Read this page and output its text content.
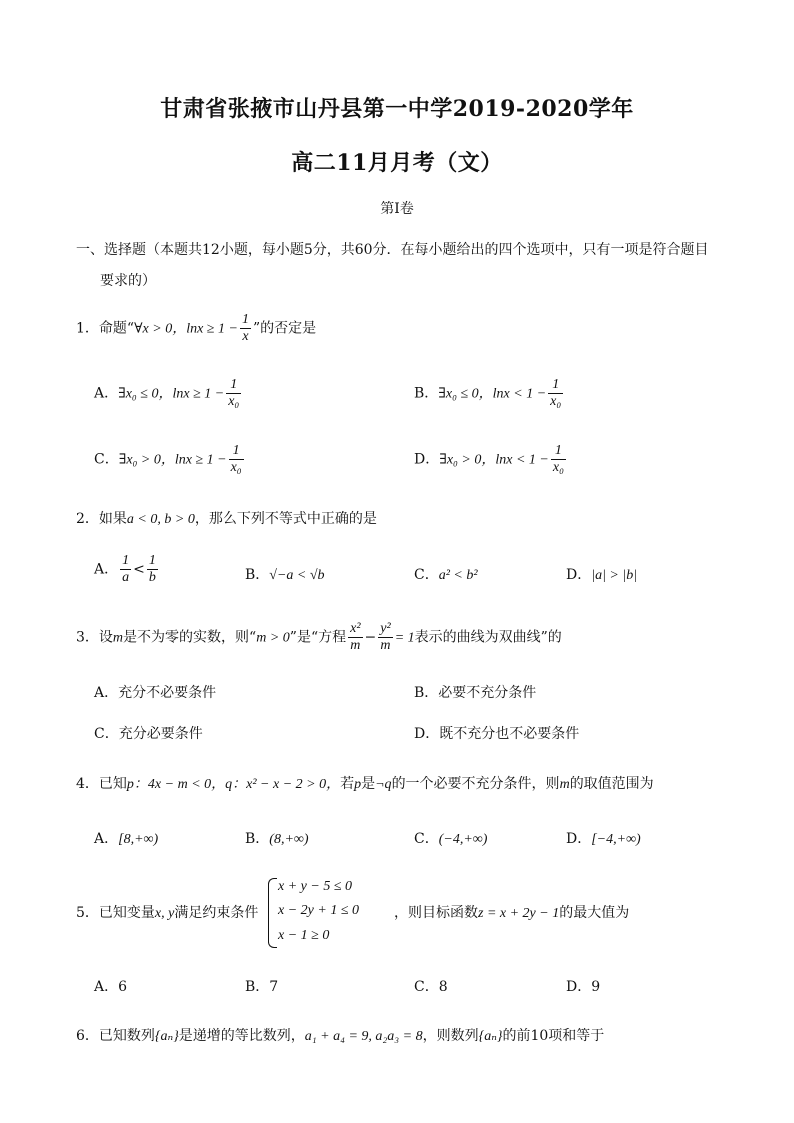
甘肃省张掖市山丹县第一中学2019-2020学年
高二11月月考（文）
第I卷
一、选择题（本题共12小题，每小题5分，共60分．在每小题给出的四个选项中，只有一项是符合题目
要求的）
1．命题“∀x > 0，$\ln x \ge 1 - \frac{1}{x}$ ”的否定是
A．∃x₀ ≤ 0，$\ln x \ge 1 - \frac{1}{\text{x₀}}$	B．∃x₀ ≤ 0，$\ln x < 1 - \frac{1}{\text{x₀}}$
C．∃x₀ > 0，$\ln x \ge 1 - \frac{1}{\text{x₀}}$	D．∃x₀ > 0，$\ln x < 1 - \frac{1}{\text{x₀}}$
2．如果a < 0, b > 0，那么下列不等式中正确的是
A． $\frac{1}{a} < \frac{1}{b}$	B．√−a < √b	C．a² < b²	D．|a| > |b|
3．设m是不为零的实数，则“m > 0”是“方程 $\frac{\text{x²}}{m} - \frac{\text{y²}}{m} = 1$表示的曲线为双曲线”的
A．充分不必要条件	B．必要不充分条件
C．充分必要条件	D．既不充分也不必要条件
4．已知p：4x − m < 0，q：x² − x − 2 > 0，若p是¬q的一个必要不充分条件，则m的取值范围为
A．[8,+∞)	B．(8,+∞)	C．(−4,+∞)	D．[−4,+∞)
5．已知变量x, y满足约束条件
x + y − 5 ≤ 0
x − 2y + 1 ≤ 0
x − 1 ≥ 0
，则目标函数z = x + 2y − 1的最大值为
A．6	B．7	C．8	D．9
6．已知数列{aₙ}是递增的等比数列，a₁ + a₄ = 9, a₂a₃ = 8，则数列{aₙ}的前10项和等于
